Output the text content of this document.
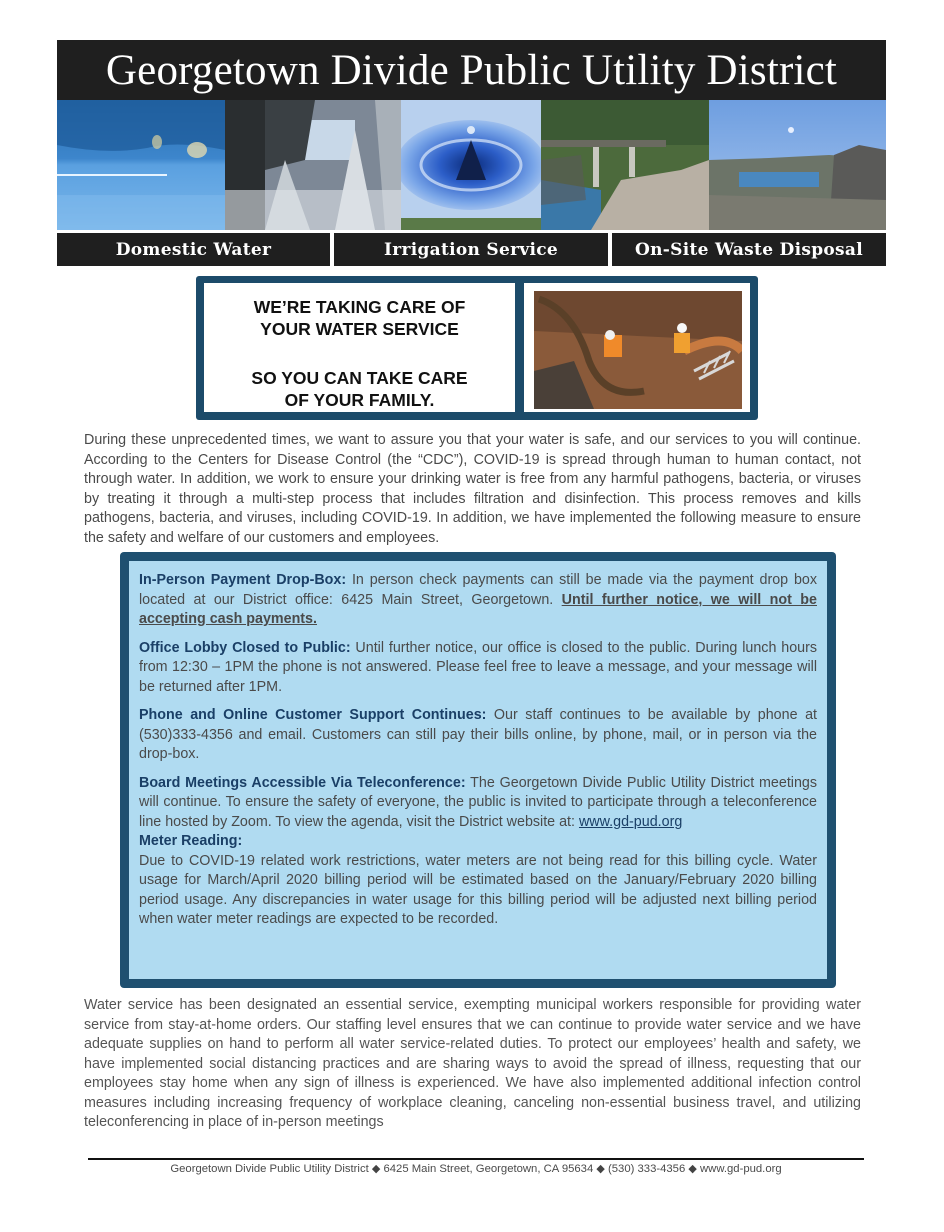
Georgetown Divide Public Utility District
Domestic Water	Irrigation Service	On-Site Waste Disposal
WE’RE TAKING CARE OF
YOUR WATER SERVICE
SO YOU CAN TAKE CARE
OF YOUR FAMILY.
During these unprecedented times, we want to assure you that your water is safe, and our services to you will continue. According to the Centers for Disease Control (the “CDC”), COVID-19 is spread through human to human contact, not through water. In addition, we work to ensure your drinking water is free from any harmful pathogens, bacteria, or viruses by treating it through a multi-step process that includes filtration and disinfection. This process removes and kills pathogens, bacteria, and viruses, including COVID-19. In addition, we have implemented the following measure to ensure the safety and welfare of our customers and employees.
In-Person Payment Drop-Box: In person check payments can still be made via the payment drop box located at our District office: 6425 Main Street, Georgetown. Until further notice, we will not be accepting cash payments.
Office Lobby Closed to Public: Until further notice, our office is closed to the public. During lunch hours from 12:30 – 1PM the phone is not answered. Please feel free to leave a message, and your message will be returned after 1PM.
Phone and Online Customer Support Continues: Our staff continues to be available by phone at (530)333-4356 and email. Customers can still pay their bills online, by phone, mail, or in person via the drop-box.
Board Meetings Accessible Via Teleconference: The Georgetown Divide Public Utility District meetings will continue. To ensure the safety of everyone, the public is invited to participate through a teleconference line hosted by Zoom. To view the agenda, visit the District website at: www.gd-pud.org
Meter Reading:
Due to COVID-19 related work restrictions, water meters are not being read for this billing cycle. Water usage for March/April 2020 billing period will be estimated based on the January/February 2020 billing period usage. Any discrepancies in water usage for this billing period will be adjusted next billing period when water meter readings are expected to be recorded.
Water service has been designated an essential service, exempting municipal workers responsible for providing water service from stay-at-home orders. Our staffing level ensures that we can continue to provide water service and we have adequate supplies on hand to perform all water service-related duties. To protect our employees’ health and safety, we have implemented social distancing practices and are sharing ways to avoid the spread of illness, requesting that our employees stay home when any sign of illness is experienced. We have also implemented additional infection control measures including increasing frequency of workplace cleaning, canceling non-essential business travel, and utilizing teleconferencing in place of in-person meetings
Georgetown Divide Public Utility District ◆ 6425 Main Street, Georgetown, CA 95634 ◆ (530) 333-4356 ◆ www.gd-pud.org
